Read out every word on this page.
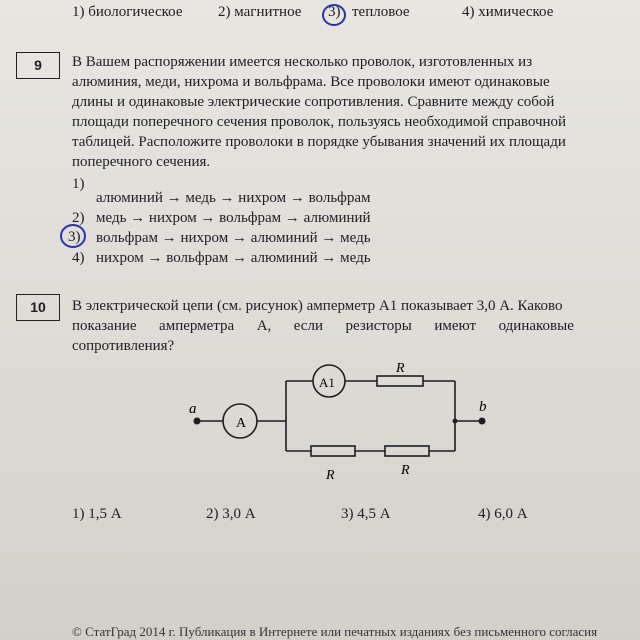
1) биологическое 2) магнитное 3) тепловое	4) химическое
9	В Вашем распоряжении имеется несколько проволок, изготовленных из
алюминия, меди, нихрома и вольфрама. Все проволоки имеют одинаковые
длины и одинаковые электрические сопротивления. Сравните между собой
площади поперечного сечения проволок, пользуясь необходимой справочной
таблицей. Расположите проволоки в порядке убывания значений их площади
поперечного сечения.
1)
алюминий → медь → нихром → вольфрам
2) медь → нихром → вольфрам → алюминий
3) вольфрам → нихром → алюминий → медь
4) нихром → вольфрам → алюминий → медь
10	В электрической цепи (см. рисунок) амперметр А1 показывает 3,0 А. Каково
показание      амперметра      А,      если      резисторы      имеют      одинаковые
сопротивления?
A
A1
R
R	R
a	b
1) 1,5 А	2) 3,0 А	3) 4,5 А	4) 6,0 А
© СтатГрад 2014 г. Публикация в Интернете или печатных изданиях без письменного согласия
